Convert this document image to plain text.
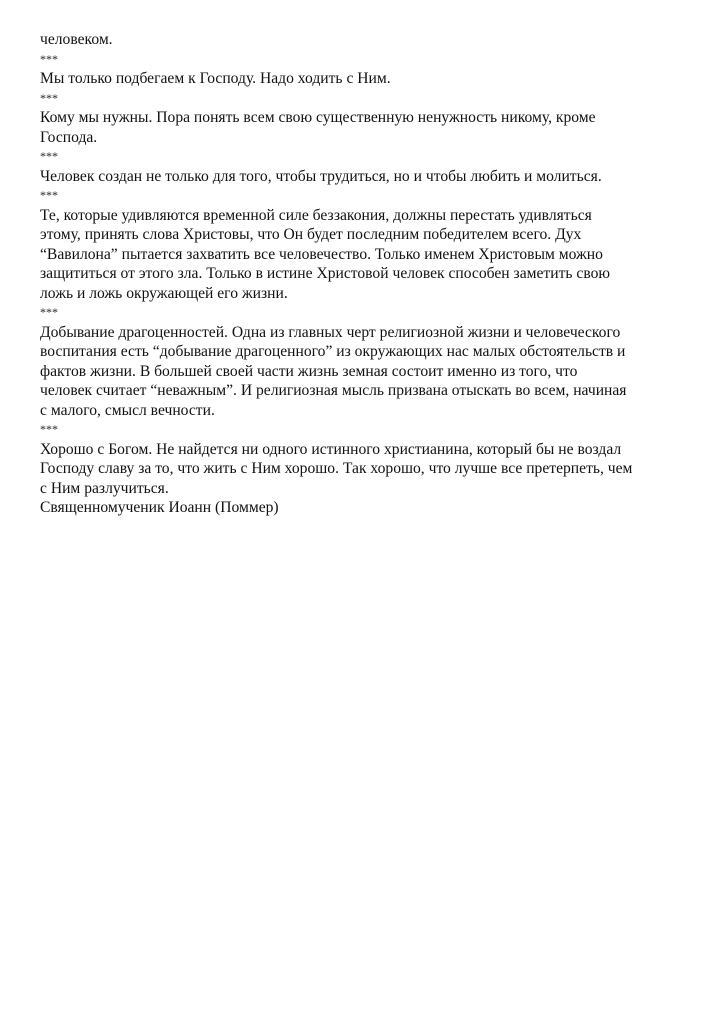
человеком.
***
Мы только подбегаем к Господу. Надо ходить с Ним.
***
Кому мы нужны. Пора понять всем свою существенную ненужность никому, кроме
Господа.
***
Человек создан не только для того, чтобы трудиться, но и чтобы любить и молиться.
***
Те, которые удивляются временной силе беззакония, должны перестать удивляться
этому, принять слова Христовы, что Он будет последним победителем всего. Дух
“Вавилона” пытается захватить все человечество. Только именем Христовым можно
защититься от этого зла. Только в истине Христовой человек способен заметить свою
ложь и ложь окружающей его жизни.
***
Добывание драгоценностей. Одна из главных черт религиозной жизни и человеческого
воспитания есть “добывание драгоценного” из окружающих нас малых обстоятельств и
фактов жизни. В большей своей части жизнь земная состоит именно из того, что
человек считает “неважным”. И религиозная мысль призвана отыскать во всем, начиная
с малого, смысл вечности.
***
Хорошо с Богом. Не найдется ни одного истинного христианина, который бы не воздал
Господу славу за то, что жить с Ним хорошо. Так хорошо, что лучше все претерпеть, чем
с Ним разлучиться.
Священномученик Иоанн (Поммер)
